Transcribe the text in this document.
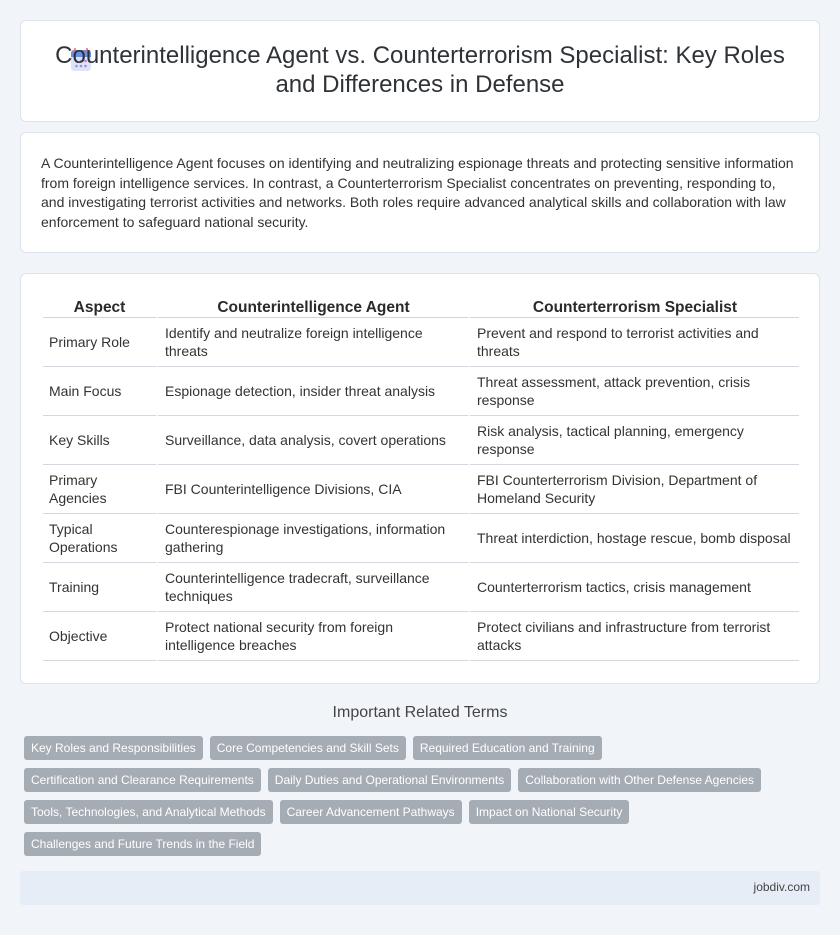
Counterintelligence Agent vs. Counterterrorism Specialist: Key Roles and Differences in Defense

A Counterintelligence Agent focuses on identifying and neutralizing espionage threats and protecting sensitive information from foreign intelligence services. In contrast, a Counterterrorism Specialist concentrates on preventing, responding to, and investigating terrorist activities and networks. Both roles require advanced analytical skills and collaboration with law enforcement to safeguard national security.

Aspect	Counterintelligence Agent	Counterterrorism Specialist
Primary Role	Identify and neutralize foreign intelligence threats	Prevent and respond to terrorist activities and threats
Main Focus	Espionage detection, insider threat analysis	Threat assessment, attack prevention, crisis response
Key Skills	Surveillance, data analysis, covert operations	Risk analysis, tactical planning, emergency response
Primary Agencies	FBI Counterintelligence Divisions, CIA	FBI Counterterrorism Division, Department of Homeland Security
Typical Operations	Counterespionage investigations, information gathering	Threat interdiction, hostage rescue, bomb disposal
Training	Counterintelligence tradecraft, surveillance techniques	Counterterrorism tactics, crisis management
Objective	Protect national security from foreign intelligence breaches	Protect civilians and infrastructure from terrorist attacks
Important Related Terms
Key Roles and Responsibilities	Core Competencies and Skill Sets	Required Education and Training
Certification and Clearance Requirements	Daily Duties and Operational Environments	Collaboration with Other Defense Agencies
Tools, Technologies, and Analytical Methods	Career Advancement Pathways	Impact on National Security
Challenges and Future Trends in the Field
jobdiv.com
